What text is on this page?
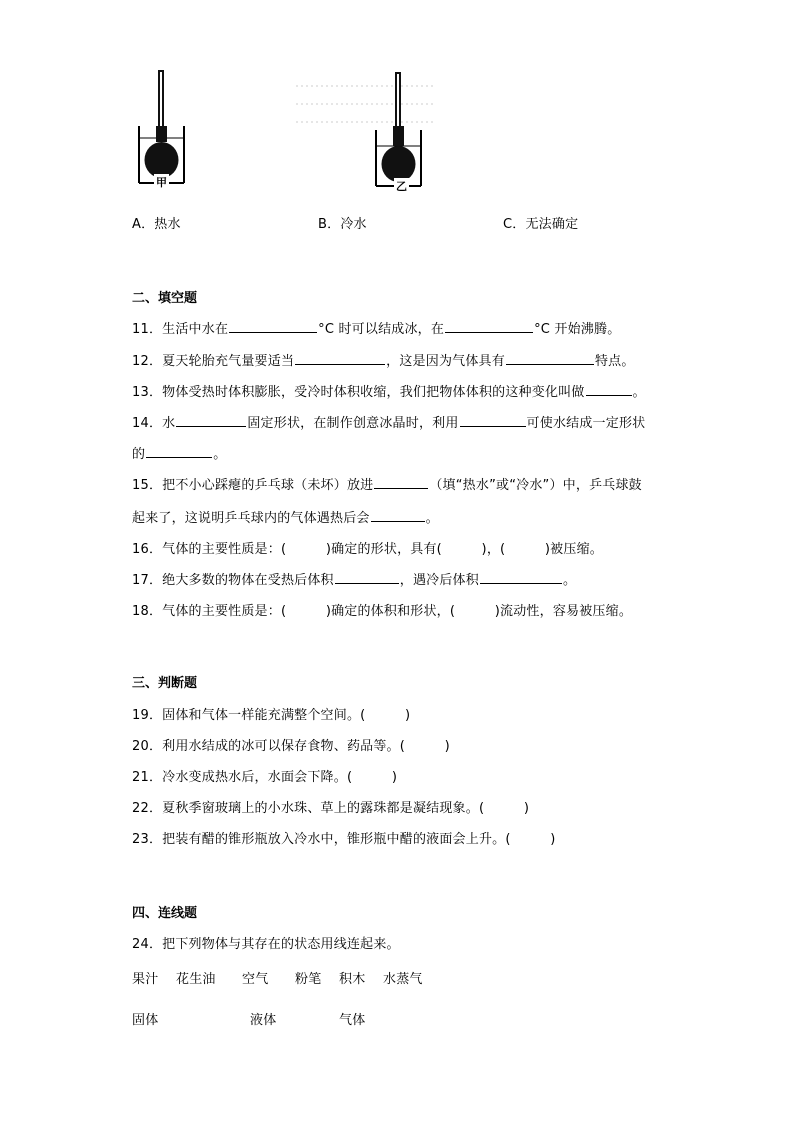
甲	乙
A．热水	B．冷水	C．无法确定
二、填空题
11．生活中水在	°C 时可以结成冰，在	°C 开始沸腾。
12．夏天轮胎充气量要适当	，这是因为气体具有	特点。
13．物体受热时体积膨胀，受冷时体积收缩，我们把物体体积的这种变化叫做	。
14．水	固定形状，在制作创意冰晶时，利用	可使水结成一定形状
的	。
15．把不小心踩瘪的乒乓球（未坏）放进	（填“热水”或“冷水”）中，乒乓球鼓
起来了，这说明乒乓球内的气体遇热后会	。
16．气体的主要性质是：(　　　)确定的形状，具有(　　　)，(　　　)被压缩。
17．绝大多数的物体在受热后体积	，遇冷后体积	。
18．气体的主要性质是：(　　　)确定的体积和形状，(　　　)流动性，容易被压缩。
三、判断题
19．固体和气体一样能充满整个空间。(　　　)
20．利用水结成的冰可以保存食物、药品等。(　　　)
21．冷水变成热水后，水面会下降。(　　　)
22．夏秋季窗玻璃上的小水珠、草上的露珠都是凝结现象。(　　　)
23．把装有醋的锥形瓶放入冷水中，锥形瓶中醋的液面会上升。(　　　)
四、连线题
24．把下列物体与其存在的状态用线连起来。
果汁 花生油 空气 粉笔 积木 水蒸气
固体	液体	气体
